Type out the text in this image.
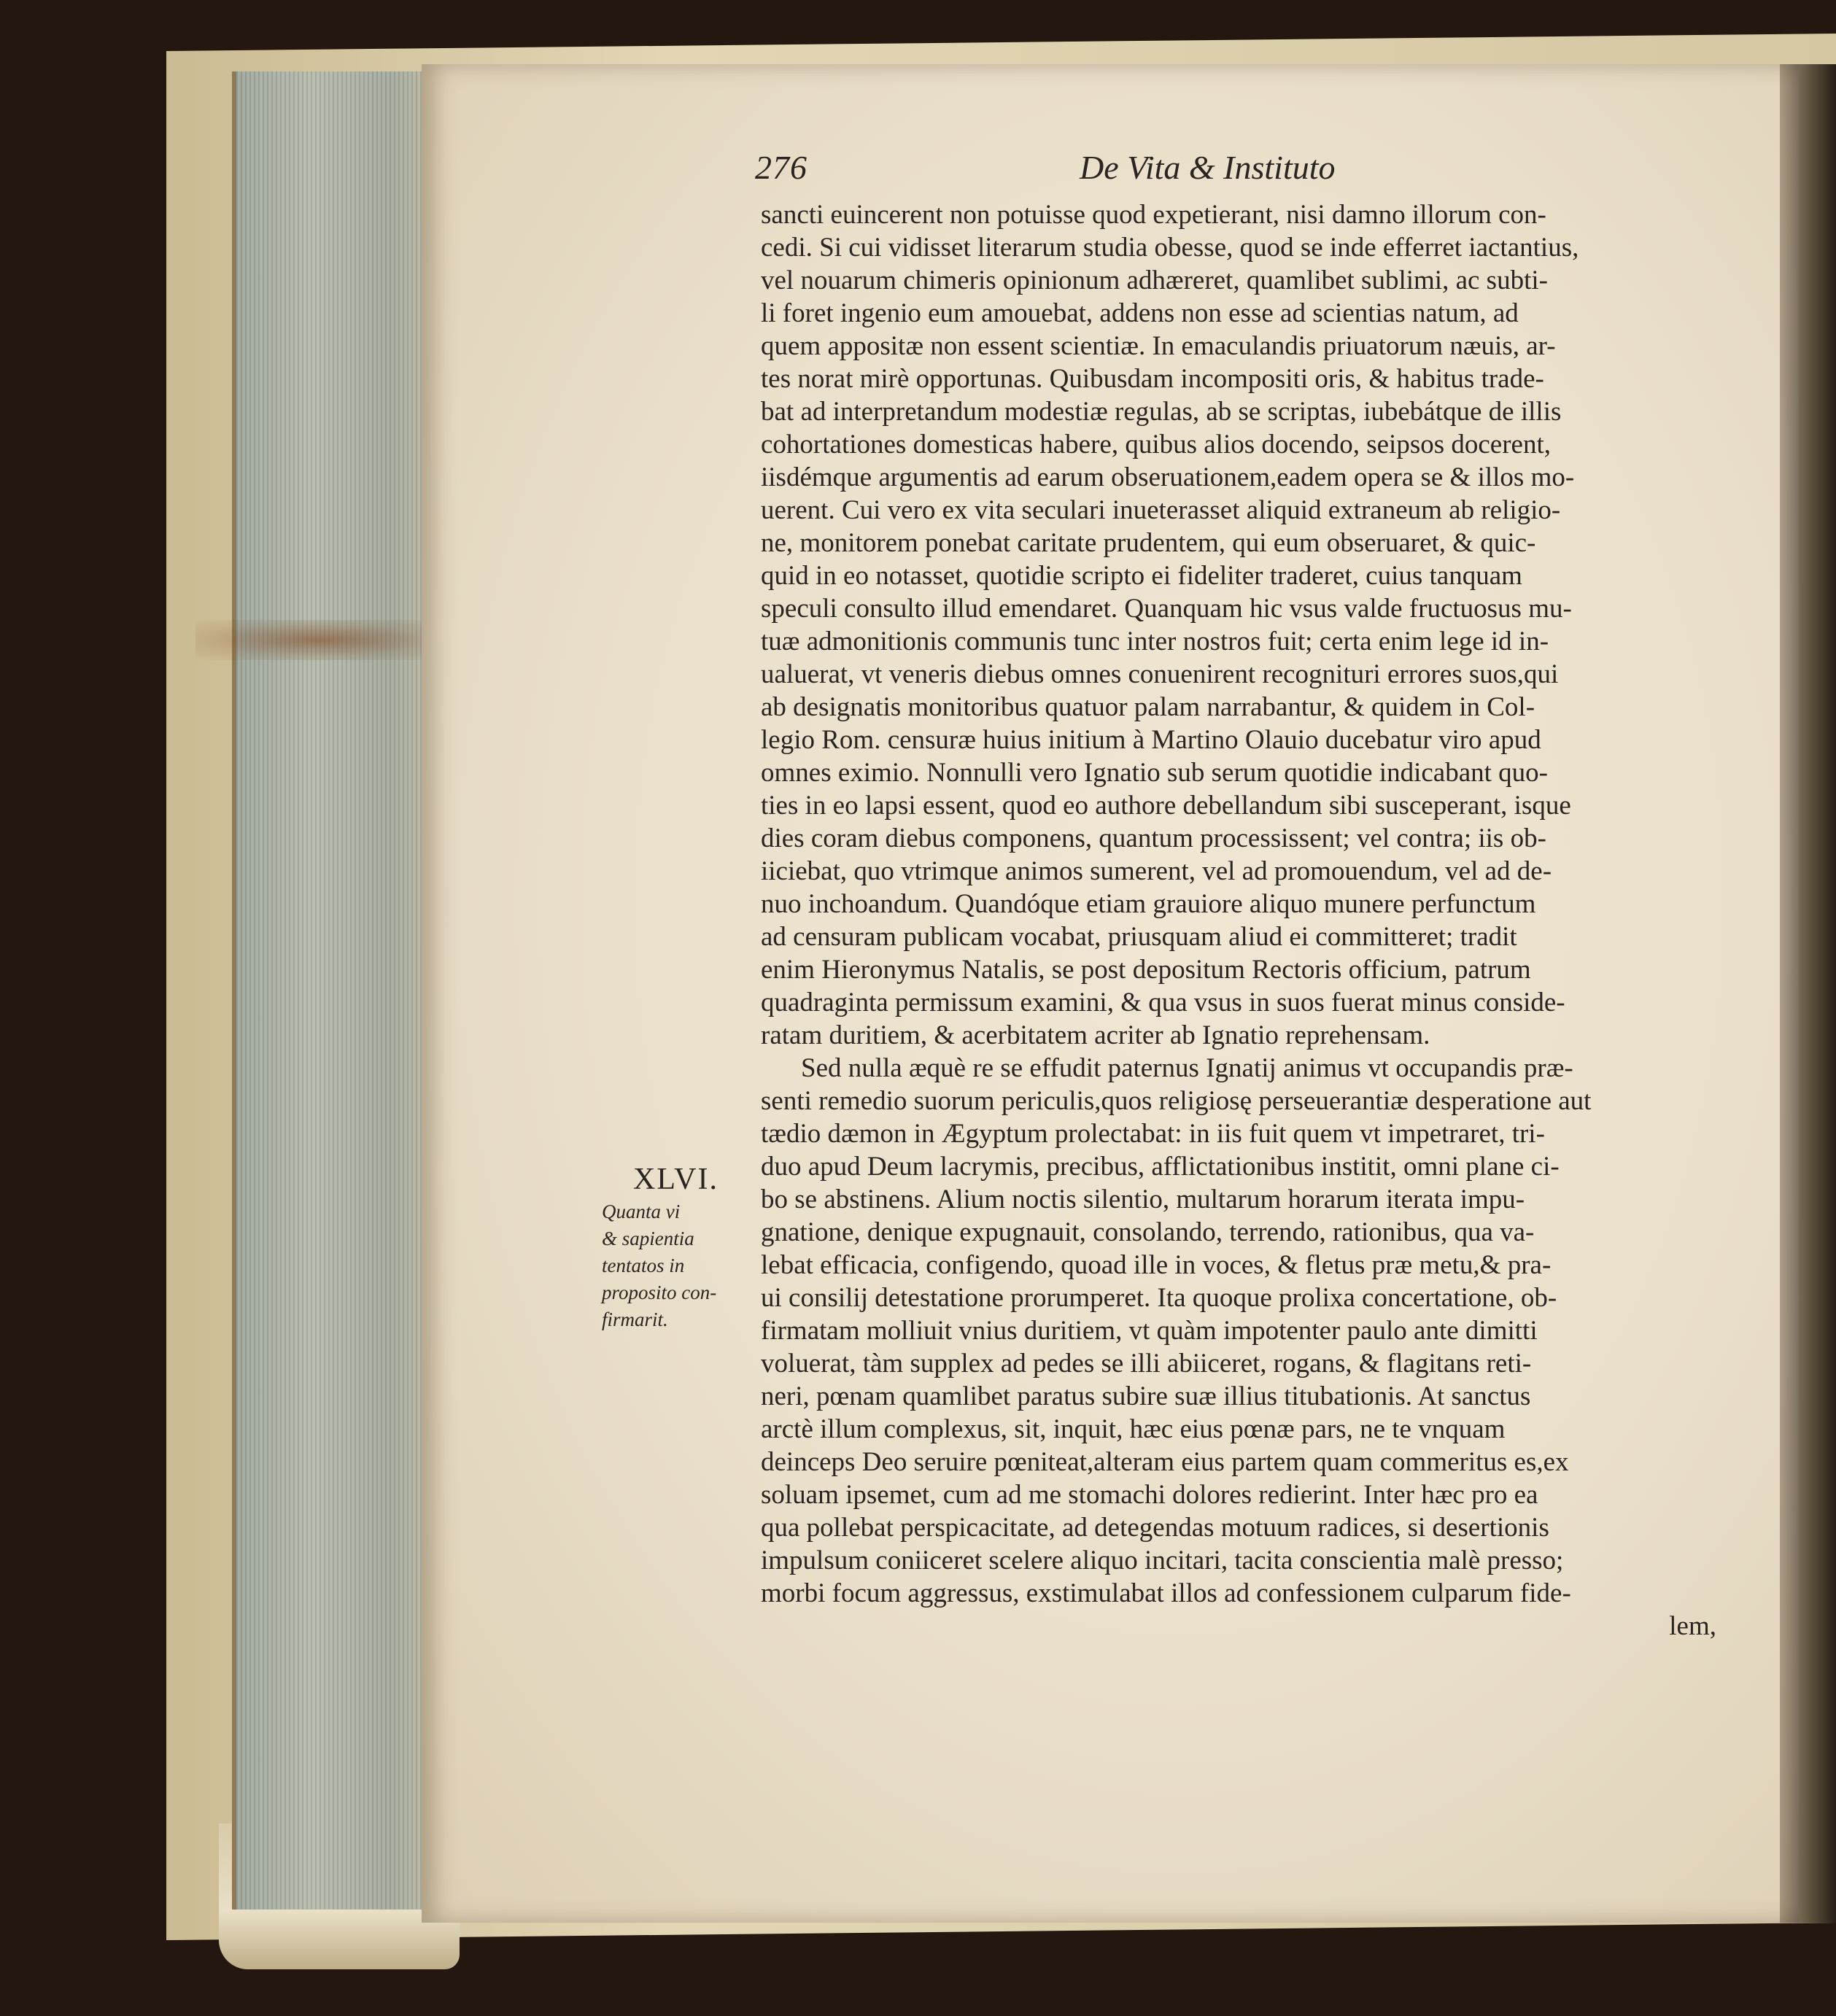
276	De Vita & Instituto
XLVI.
Quanta vi
& sapientia
tentatos in
proposito con-
firmarit.
sancti euincerent non potuisse quod expetierant, nisi damno illorum con-
cedi. Si cui vidisset literarum studia obesse, quod se inde efferret iactantius,
vel nouarum chimeris opinionum adhæreret, quamlibet sublimi, ac subti-
li foret ingenio eum amouebat, addens non esse ad scientias natum, ad
quem appositæ non essent scientiæ. In emaculandis priuatorum næuis, ar-
tes norat mirè opportunas. Quibusdam incompositi oris, & habitus trade-
bat ad interpretandum modestiæ regulas, ab se scriptas, iubebátque de illis
cohortationes domesticas habere, quibus alios docendo, seipsos docerent,
iisdémque argumentis ad earum obseruationem,eadem opera se & illos mo-
uerent. Cui vero ex vita seculari inueterasset aliquid extraneum ab religio-
ne, monitorem ponebat caritate prudentem, qui eum obseruaret, & quic-
quid in eo notasset, quotidie scripto ei fideliter traderet, cuius tanquam
speculi consulto illud emendaret. Quanquam hic vsus valde fructuosus mu-
tuæ admonitionis communis tunc inter nostros fuit; certa enim lege id in-
ualuerat, vt veneris diebus omnes conuenirent recogniturі errores suos,qui
ab designatis monitoribus quatuor palam narrabantur, & quidem in Col-
legio Rom. censuræ huius initium à Martino Olauio ducebatur viro apud
omnes eximio. Nonnulli vero Ignatio sub serum quotidie indicabant quo-
ties in eo lapsi essent, quod eo authore debellandum sibi susceperant, isque
dies coram diebus componens, quantum processissent; vel contra; iis ob-
iiciebat, quo vtrimque animos sumerent, vel ad promouendum, vel ad de-
nuo inchoandum. Quandóque etiam grauiore aliquo munere perfunctum
ad censuram publicam vocabat, priusquam aliud ei committeret; tradit
enim Hieronymus Natalis, se post depositum Rectoris officium, patrum
quadraginta permissum examini, & qua vsus in suos fuerat minus conside-
ratam duritiem, & acerbitatem acriter ab Ignatio reprehensam.
Sed nulla æquè re se effudit paternus Ignatij animus vt occupandis præ-
senti remedio suorum periculis,quos religiosę perseuerantiæ desperatione aut
tædio dæmon in Ægyptum prolectabat: in iis fuit quem vt impetraret, tri-
duo apud Deum lacrymis, precibus, afflictationibus institit, omni plane ci-
bo se abstinens. Alium noctis silentio, multarum horarum iterata impu-
gnatione, denique expugnauit, consolando, terrendo, rationibus, qua va-
lebat efficacia, configendo, quoad ille in voces, & fletus præ metu,& pra-
ui consilij detestatione prorumperet. Ita quoque prolixa concertatione, ob-
firmatam molliuit vnius duritiem, vt quàm impotenter paulo ante dimitti
voluerat, tàm supplex ad pedes se illi abiiceret, rogans, & flagitans reti-
neri, pœnam quamlibet paratus subire suæ illius titubationis. At sanctus
arctè illum complexus, sit, inquit, hæc eius pœnæ pars, ne te vnquam
deinceps Deo seruire pœniteat,alteram eius partem quam commeritus es,ex
soluam ipsemet, cum ad me stomachi dolores redierint. Inter hæc pro ea
qua pollebat perspicacitate, ad detegendas motuum radices, si desertionis
impulsum coniiceret scelere aliquo incitari, tacita conscientia malè presso;
morbi focum aggressus, exstimulabat illos ad confessionem culparum fide-
lem,
